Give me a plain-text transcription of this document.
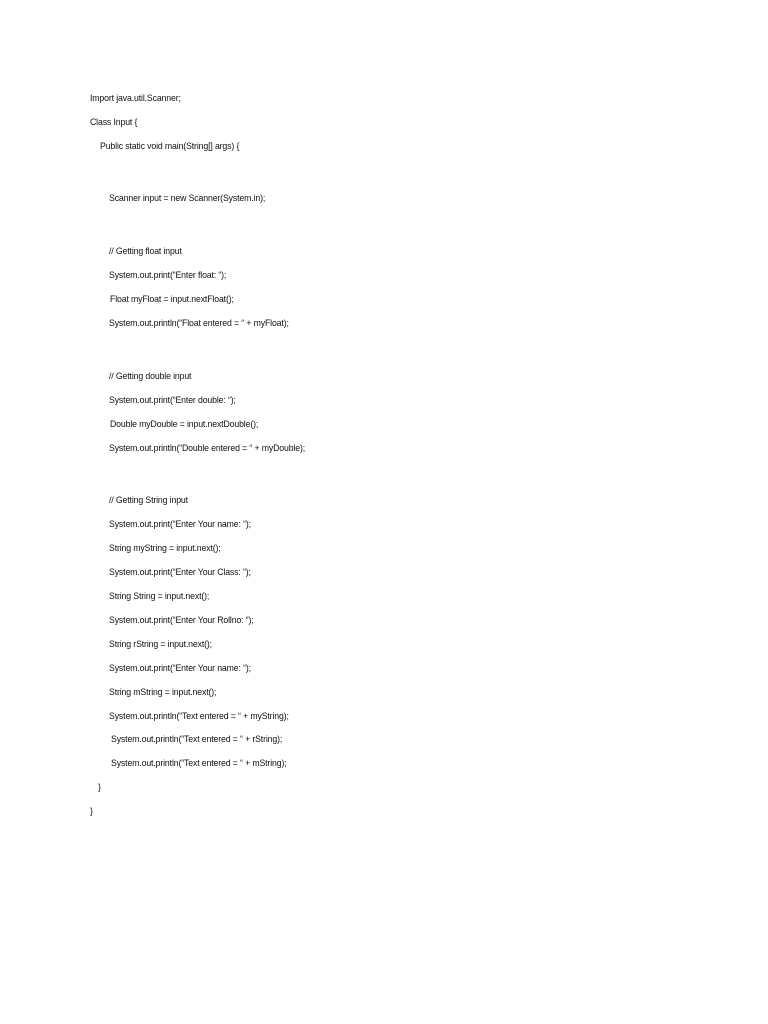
Import java.util.Scanner;
Class Input {
Public static void main(String[] args) {
Scanner input = new Scanner(System.in);
// Getting float input
System.out.print(“Enter float: “);
Float myFloat = input.nextFloat();
System.out.println(“Float entered = “ + myFloat);
// Getting double input
System.out.print(“Enter double: “);
Double myDouble = input.nextDouble();
System.out.println(“Double entered = “ + myDouble);
// Getting String input
System.out.print(“Enter Your name: “);
String myString = input.next();
System.out.print(“Enter Your Class: “);
String String = input.next();
System.out.print(“Enter Your Rollno: “);
String rString = input.next();
System.out.print(“Enter Your name: “);
String mString = input.next();
System.out.println(“Text entered = “ + myString);
System.out.println(“Text entered = “ + rString);
System.out.println(“Text entered = “ + mString);
}
}
